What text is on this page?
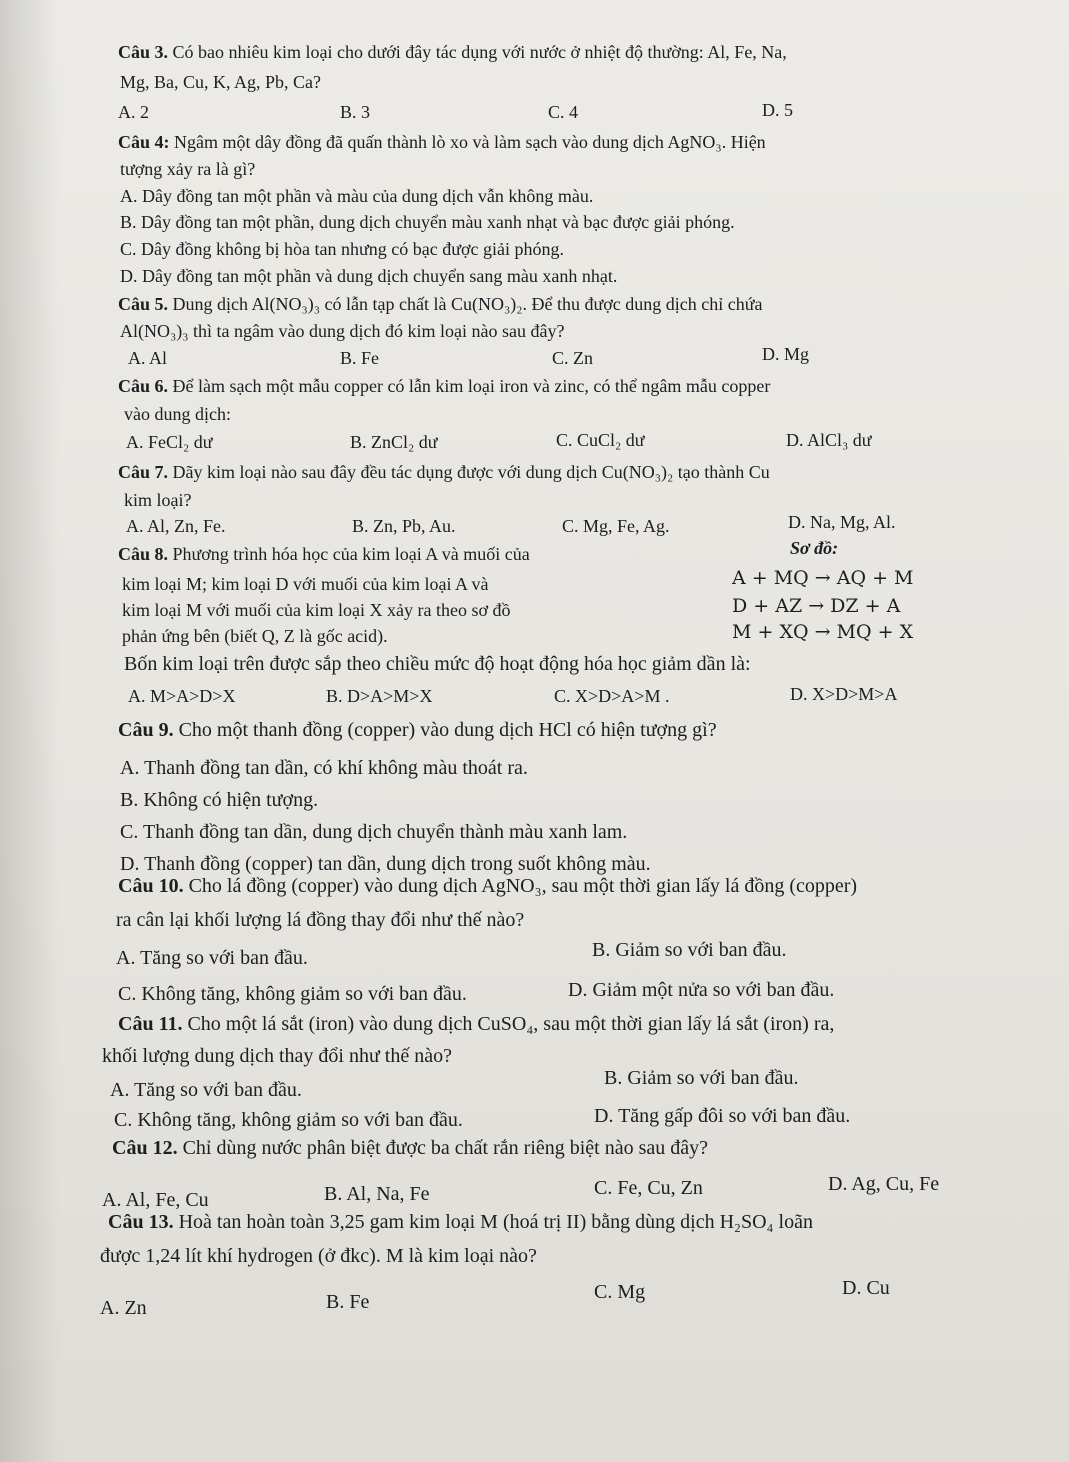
Câu 3. Có bao nhiêu kim loại cho dưới đây tác dụng với nước ở nhiệt độ thường: Al, Fe, Na,
Mg, Ba, Cu, K, Ag, Pb, Ca?
A. 2	B. 3	C. 4	D. 5
Câu 4: Ngâm một dây đồng đã quấn thành lò xo và làm sạch vào dung dịch AgNO₃. Hiện
tượng xảy ra là gì?
A. Dây đồng tan một phần và màu của dung dịch vẫn không màu.
B. Dây đồng tan một phần, dung dịch chuyển màu xanh nhạt và bạc được giải phóng.
C. Dây đồng không bị hòa tan nhưng có bạc được giải phóng.
D. Dây đồng tan một phần và dung dịch chuyển sang màu xanh nhạt.
Câu 5. Dung dịch Al(NO₃)₃ có lẫn tạp chất là Cu(NO₃)₂. Để thu được dung dịch chỉ chứa
Al(NO₃)₃ thì ta ngâm vào dung dịch đó kim loại nào sau đây?
A. Al	B. Fe	C. Zn	D. Mg
Câu 6. Để làm sạch một mẫu copper có lẫn kim loại iron và zinc, có thể ngâm mẫu copper
vào dung dịch:
A. FeCl₂ dư	B. ZnCl₂ dư	C. CuCl₂ dư	D. AlCl₃ dư
Câu 7. Dãy kim loại nào sau đây đều tác dụng được với dung dịch Cu(NO₃)₂ tạo thành Cu
kim loại?
A. Al, Zn, Fe.	B. Zn, Pb, Au.	C. Mg, Fe, Ag.	D. Na, Mg, Al.
Câu 8. Phương trình hóa học của kim loại A và muối của
kim loại M; kim loại D với muối của kim loại A và
kim loại M với muối của kim loại X xảy ra theo sơ đồ
phản ứng bên (biết Q, Z là gốc acid).
Sơ đồ:
A + MQ → AQ + M
D + AZ → DZ + A
M + XQ → MQ + X
Bốn kim loại trên được sắp theo chiều mức độ hoạt động hóa học giảm dần là:
A. M>A>D>X	B. D>A>M>X	C. X>D>A>M .	D. X>D>M>A
Câu 9. Cho một thanh đồng (copper) vào dung dịch HCl có hiện tượng gì?
A. Thanh đồng tan dần, có khí không màu thoát ra.
B. Không có hiện tượng.
C. Thanh đồng tan dần, dung dịch chuyển thành màu xanh lam.
D. Thanh đồng (copper) tan dần, dung dịch trong suốt không màu.
Câu 10. Cho lá đồng (copper) vào dung dịch AgNO₃, sau một thời gian lấy lá đồng (copper)
ra cân lại khối lượng lá đồng thay đổi như thế nào?
A. Tăng so với ban đầu.	B. Giảm so với ban đầu.
C. Không tăng, không giảm so với ban đầu.	D. Giảm một nửa so với ban đầu.
Câu 11. Cho một lá sắt (iron) vào dung dịch CuSO₄, sau một thời gian lấy lá sắt (iron) ra,
khối lượng dung dịch thay đổi như thế nào?
A. Tăng so với ban đầu.
B. Giảm so với ban đầu.
C. Không tăng, không giảm so với ban đầu.	D. Tăng gấp đôi so với ban đầu.
Câu 12. Chỉ dùng nước phân biệt được ba chất rắn riêng biệt nào sau đây?
A. Al, Fe, Cu	B. Al, Na, Fe	C. Fe, Cu, Zn	D. Ag, Cu, Fe
Câu 13. Hoà tan hoàn toàn 3,25 gam kim loại M (hoá trị II) bằng dùng dịch H₂SO₄ loãn
được 1,24 lít khí hydrogen (ở đkc). M là kim loại nào?
A. Zn	B. Fe	C. Mg	D. Cu
